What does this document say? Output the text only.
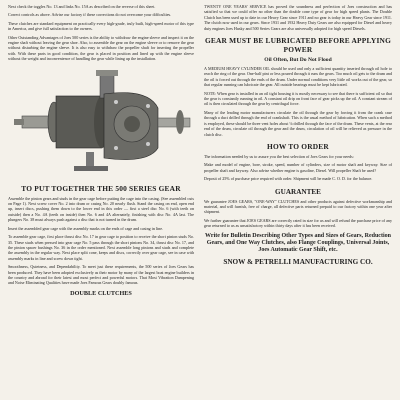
Next check the toggles No. 13 and links No. 15A as described on the reverse of this sheet.

Correct controls as above. Advise our factory if these corrections do not overcome your difficulties.

These clutches are standard equipment on practically every high-grade, truly built, high-speed motor of this type in America, and give full satisfaction to the owners.

Other Outstanding Advantages of Joes 500 series is the ability to withdraw the engine sleeve and inspect it on the engine shaft without leaving the gear shoe. Also, to assemble the gear on the engine sleeve or to remove the gear without disturbing the engine sleeve. It is also easy to withdraw the propeller shaft for inserting the propeller with. With these parts in good condition, the gear is placed in position and lined up with the engine sleeve without the weight and inconvenience of handling the gear while lining up the installation.

TO PUT TOGETHER THE 500 SERIES GEAR

Assemble the pinion gears and studs in the gear cage before putting the cage into the casing. (See assembled cuts on Page 1). Next screw cover No. 2 into drum or casing No. 20 nearly flush. Stand the casing on end, open end up, insert discs, pushing them down to the lower end in this order — first a steel disc No. 6 (with teeth on outside) then a No. 4A (teeth on inside) then No. 6 and 4A alternately, finishing with disc No. 4A last. The plungers No. 38 must always push against a disc that is not turned in the drum.

Insert the assembled gear cage with the assembly marks on the ends of cage and casing in line.

To assemble gear cage, first place thrust disc No. 17 in gear cage to position to receive the short pinion studs No. 35. These studs when pressed into gear cage No. 5 pass through the short pinions No. 34, thrust disc No. 17, and the pinion spacer bushings No. 36 in the order mentioned. Next assemble long pinions and studs and complete the assembly in the regular way. Next place split cone, keeps and discs, correctly over gear cage, see in case with assembly marks in line and screw down tight.

Smoothness, Quietness, and Dependability. To meet just these requirements, the 500 series of Joes Gears has been produced. They have been adopted exclusively as their motor by many of the largest boat engine builders in the country and abroad for their latest and most perfect and powerful motors. That Most Vibration Dampening and Noise Eliminating Qualities have made Joes Famous Gears doubly famous.

DOUBLE CLUTCHES

TWENTY ONE YEARS' SERVICE has proved the soundness and perfection of Joes construction and has satisfied so that we could offer no other than the double cone type of gear for high speed plants. The Double Clutch has been used up to date in our Heavy Gear since 1911 and no gear is today in our Heavy Gear since 1911. The clutch now used in our gears. Since 1931 and 1932 Heavy Duty Gears are also equipped for Diesel and heavy duty engines Joes Husky and 500 Series Gears are also universally adopted for high speed Diesels.

GEAR MUST BE LUBRICATED BEFORE APPLYING POWER
Oil Often, But Do Not Flood

A MEDIUM HEAVY CYLINDER OIL should be used and only a sufficient quantity inserted through oil hole to reach the ring of the gear. One-half pint or less poured through it runs the gears. Too much oil gets to the drum and the oil is forced out through the ends of the drum. Under normal conditions very little oil works out of the gear, so that regular running can lubricate the gear. All outside bearings must be kept lubricated.

NOTE: When gear is installed in an oil tight housing it is mostly necessary to see that there is sufficient oil so that the gear is constantly running in oil. A constant oil drip on front face of gear picks up the oil. A constant stream of oil is then circulated through the gear by centrifugal force.

Many of the leading motor manufacturers circulate the oil through the gear by forcing it from the crank case through a duct drilled through the end of crankshaft. This is the usual method of lubrication. When such a method is employed, these should be three vent holes about ⅛ drilled through the face of the drum. These vents, at the rear end of the drum, circulate oil through the gear and the drum, circulation of oil will be relieved as pressure in the clutch disc.

HOW TO ORDER

The information needed by us to assure you the best selection of Joes Gears for your needs:

Make and model of engine, bore, stroke, speed, number of cylinders, size of motor shaft and keyway. Size of propeller shaft and keyway. Also advise whether engine is gasoline, Diesel. Will propeller Shaft be used?

Deposit of 25% of purchase price required with order. Shipment will be made C. O. D. for the balance.

GUARANTEE

We guarantee JOES GEARS, "ONE-WAY" CLUTCHES and other products against defective workmanship and material, and will furnish, free of charge, all defective parts returned prepaid to our factory within one year after shipment.

We further guarantee that JOES GEARS are correctly rated in size for us and will refund the purchase price of any gear returned to us as unsatisfactory within thirty days after it has been received.

Write for Bulletin Describing Other Types and Sizes of Gears, Reduction Gears, and One Way Clutches, also Flange Couplings, Universal Joints, Joes Automatic Gear Shift, etc.
SNOW & PETRELLI MANUFACTURING CO.
